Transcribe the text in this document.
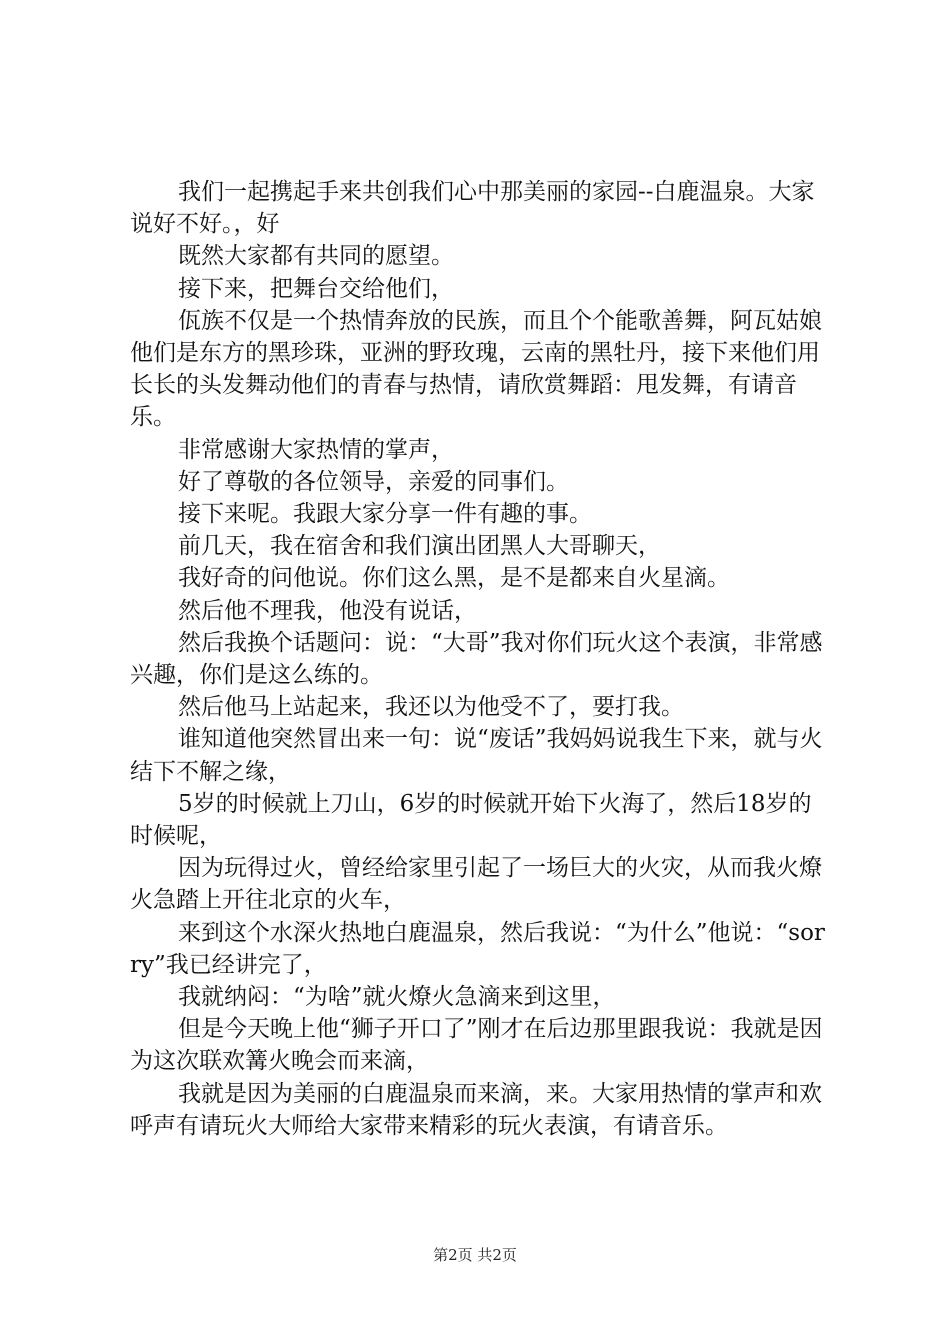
我们一起携起手来共创我们心中那美丽的家园--白鹿温泉。大家说好不好。，好

既然大家都有共同的愿望。

接下来，把舞台交给他们，

佤族不仅是一个热情奔放的民族，而且个个能歌善舞，阿瓦姑娘他们是东方的黑珍珠，亚洲的野玫瑰，云南的黑牡丹，接下来他们用长长的头发舞动他们的青春与热情，请欣赏舞蹈：甩发舞，有请音乐。

非常感谢大家热情的掌声，

好了尊敬的各位领导，亲爱的同事们。

接下来呢。我跟大家分享一件有趣的事。

前几天，我在宿舍和我们演出团黑人大哥聊天，

我好奇的问他说。你们这么黑，是不是都来自火星滴。

然后他不理我，他没有说话，

然后我换个话题问：说：“大哥”我对你们玩火这个表演，非常感兴趣，你们是这么练的。

然后他马上站起来，我还以为他受不了，要打我。

谁知道他突然冒出来一句：说“废话”我妈妈说我生下来，就与火结下不解之缘，

5岁的时候就上刀山，6岁的时候就开始下火海了，然后18岁的时候呢，

因为玩得过火，曾经给家里引起了一场巨大的火灾，从而我火燎火急踏上开往北京的火车，

来到这个水深火热地白鹿温泉，然后我说：“为什么”他说：“sorry”我已经讲完了，

我就纳闷：“为啥”就火燎火急滴来到这里，

但是今天晚上他“狮子开口了”刚才在后边那里跟我说：我就是因为这次联欢篝火晚会而来滴，

我就是因为美丽的白鹿温泉而来滴，来。大家用热情的掌声和欢呼声有请玩火大师给大家带来精彩的玩火表演，有请音乐。

第2页 共2页
